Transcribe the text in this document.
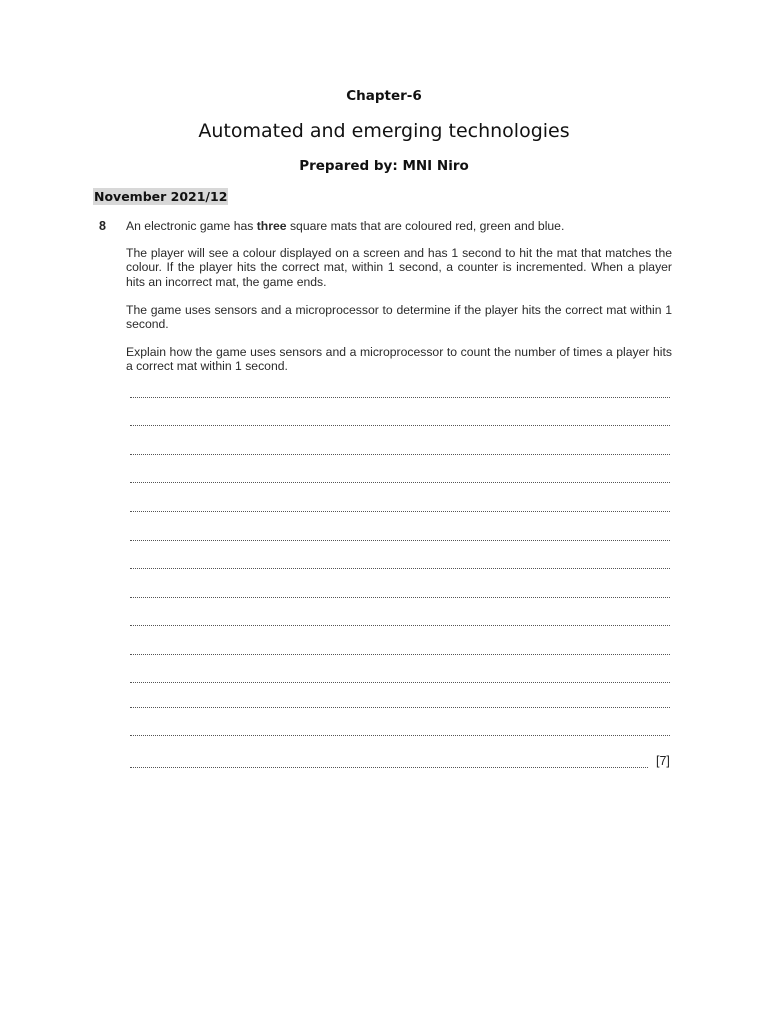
Chapter-6
Automated and emerging technologies
Prepared by: MNI Niro
November 2021/12
8 An electronic game has three square mats that are coloured red, green and blue.

The player will see a colour displayed on a screen and has 1 second to hit the mat that matches the colour. If the player hits the correct mat, within 1 second, a counter is incremented. When a player hits an incorrect mat, the game ends.

The game uses sensors and a microprocessor to determine if the player hits the correct mat within 1 second.

Explain how the game uses sensors and a microprocessor to count the number of times a player hits a correct mat within 1 second.

[7]
